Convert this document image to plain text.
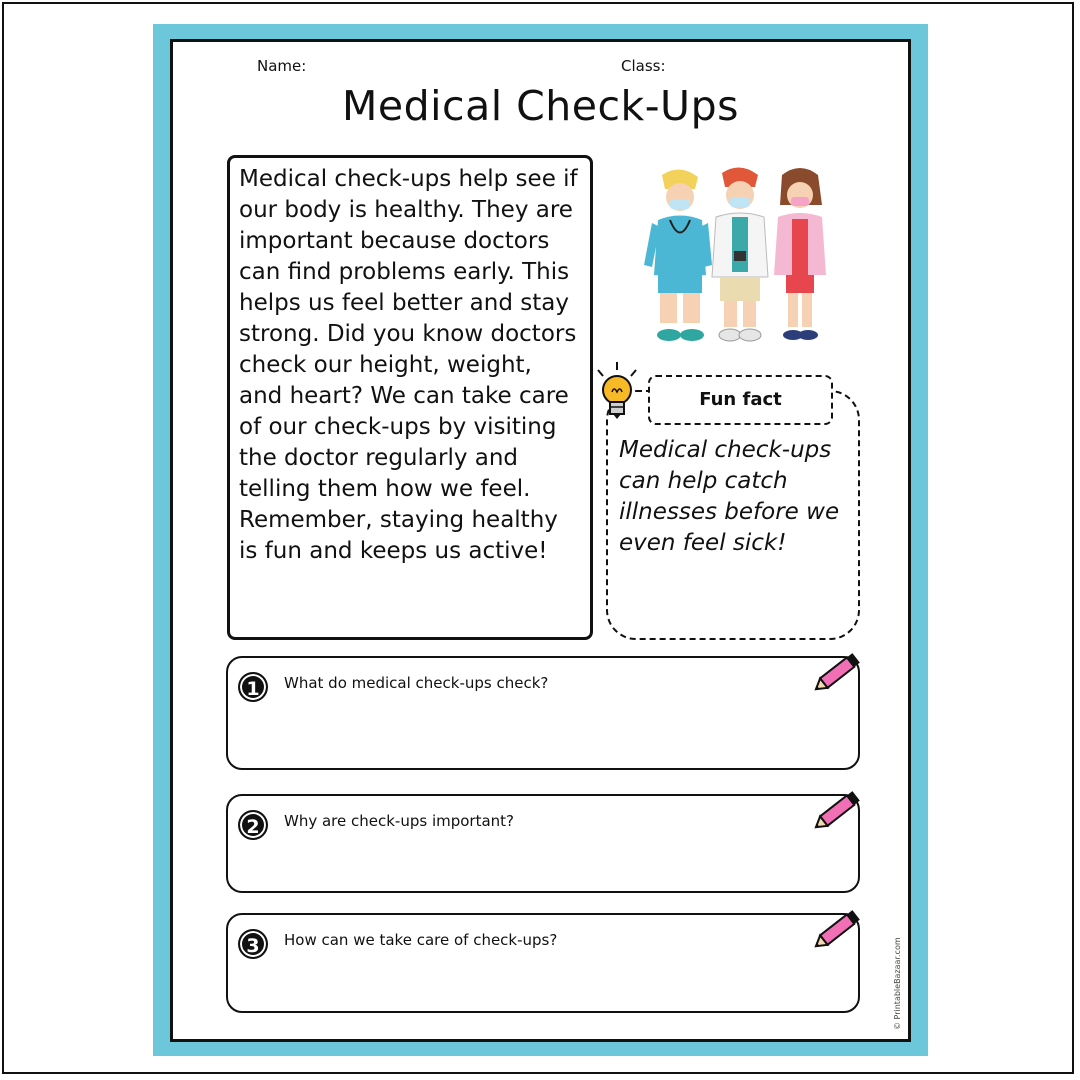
Name:	Class:
Medical Check-Ups
Medical check-ups help see if our body is healthy. They are important because doctors can find problems early. This helps us feel better and stay strong. Did you know doctors check our height, weight, and heart? We can take care of our check-ups by visiting the doctor regularly and telling them how we feel. Remember, staying healthy is fun and keeps us active!
Fun fact
Medical check-ups can help catch illnesses before we even feel sick!
1	What do medical check-ups check?
2	Why are check-ups important?
3	How can we take care of check-ups?	© PrintableBazaar.com
